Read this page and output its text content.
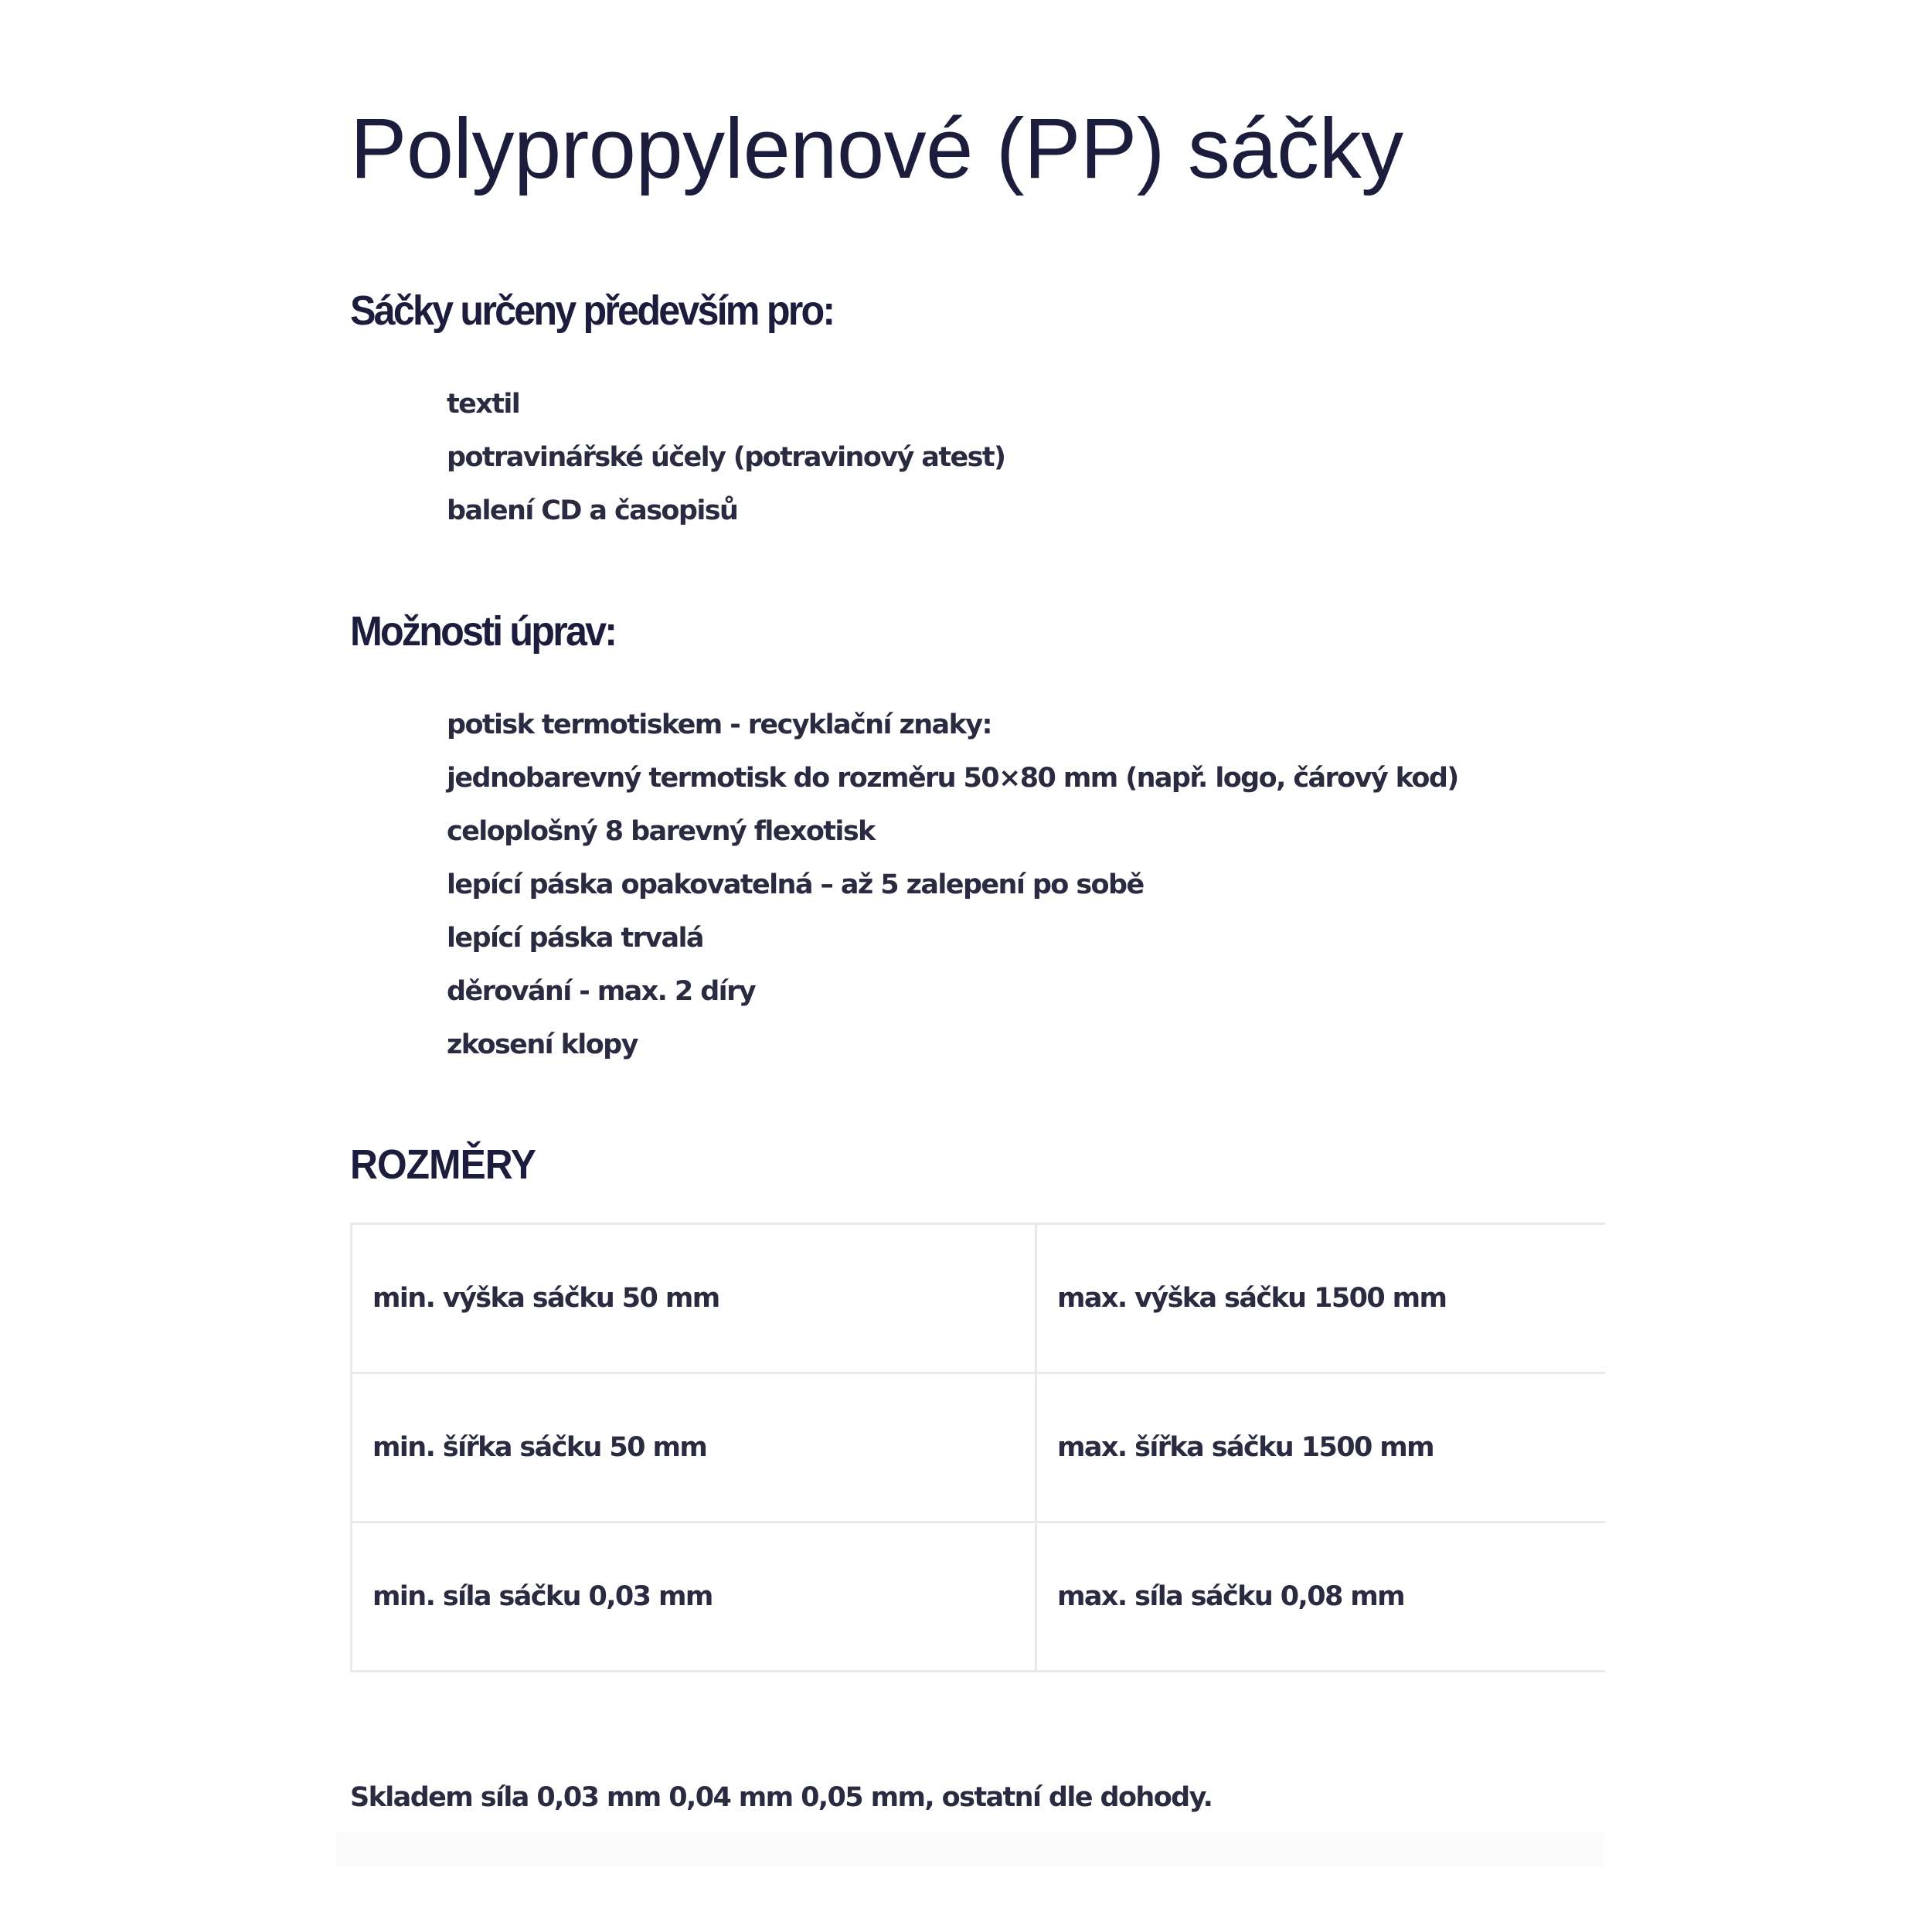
Polypropylenové (PP) sáčky
Sáčky určeny především pro:
textil
potravinářské účely (potravinový atest)
balení CD a časopisů
Možnosti úprav:
potisk termotiskem - recyklační znaky:
jednobarevný termotisk do rozměru 50×80 mm (např. logo, čárový kod)
celoplošný 8 barevný flexotisk
lepící páska opakovatelná – až 5 zalepení po sobě
lepící páska trvalá
děrování - max. 2 díry
zkosení klopy
ROZMĚRY
min. výška sáčku 50 mm	max. výška sáčku 1500 mm
min. šířka sáčku 50 mm	max. šířka sáčku 1500 mm
min. síla sáčku 0,03 mm	max. síla sáčku 0,08 mm

Skladem síla 0,03 mm 0,04 mm 0,05 mm, ostatní dle dohody.
